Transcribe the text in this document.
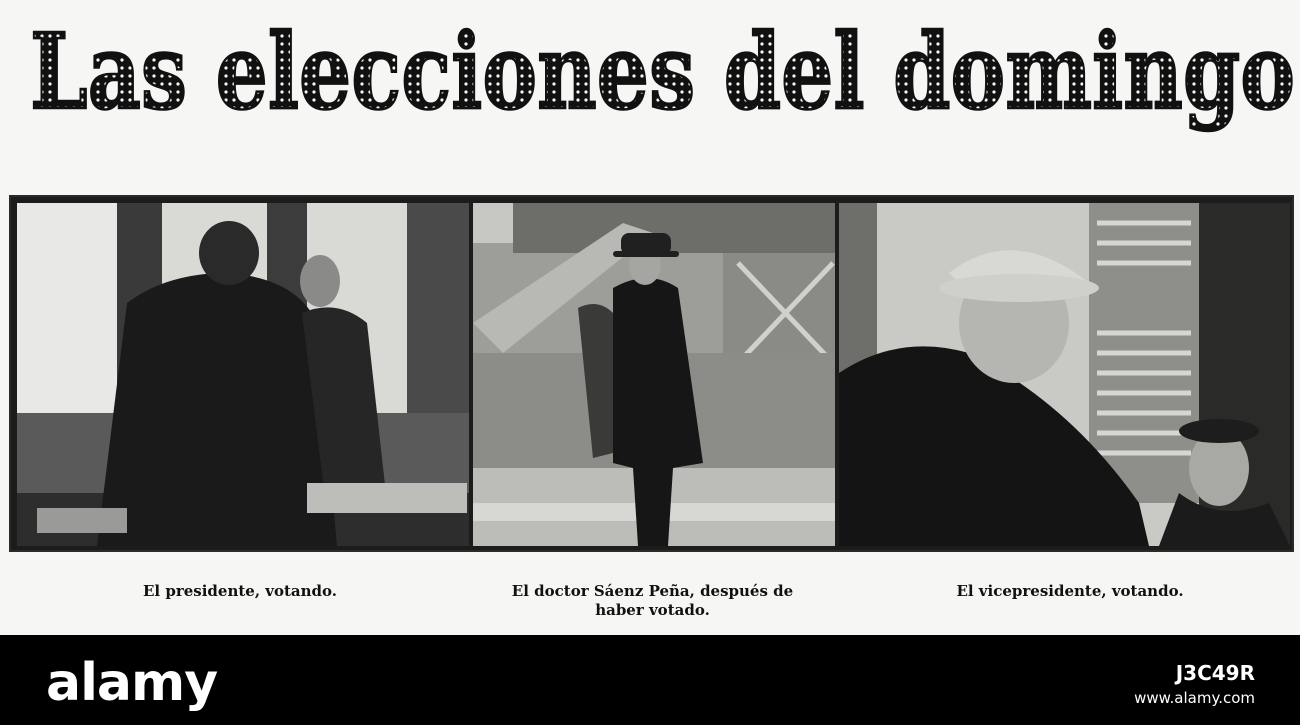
Las elecciones del domingo
El presidente, votando.	El doctor Sáenz Peña, después de
haber votado.
El vicepresidente, votando.
alamy	J3C49R
www.alamy.com
